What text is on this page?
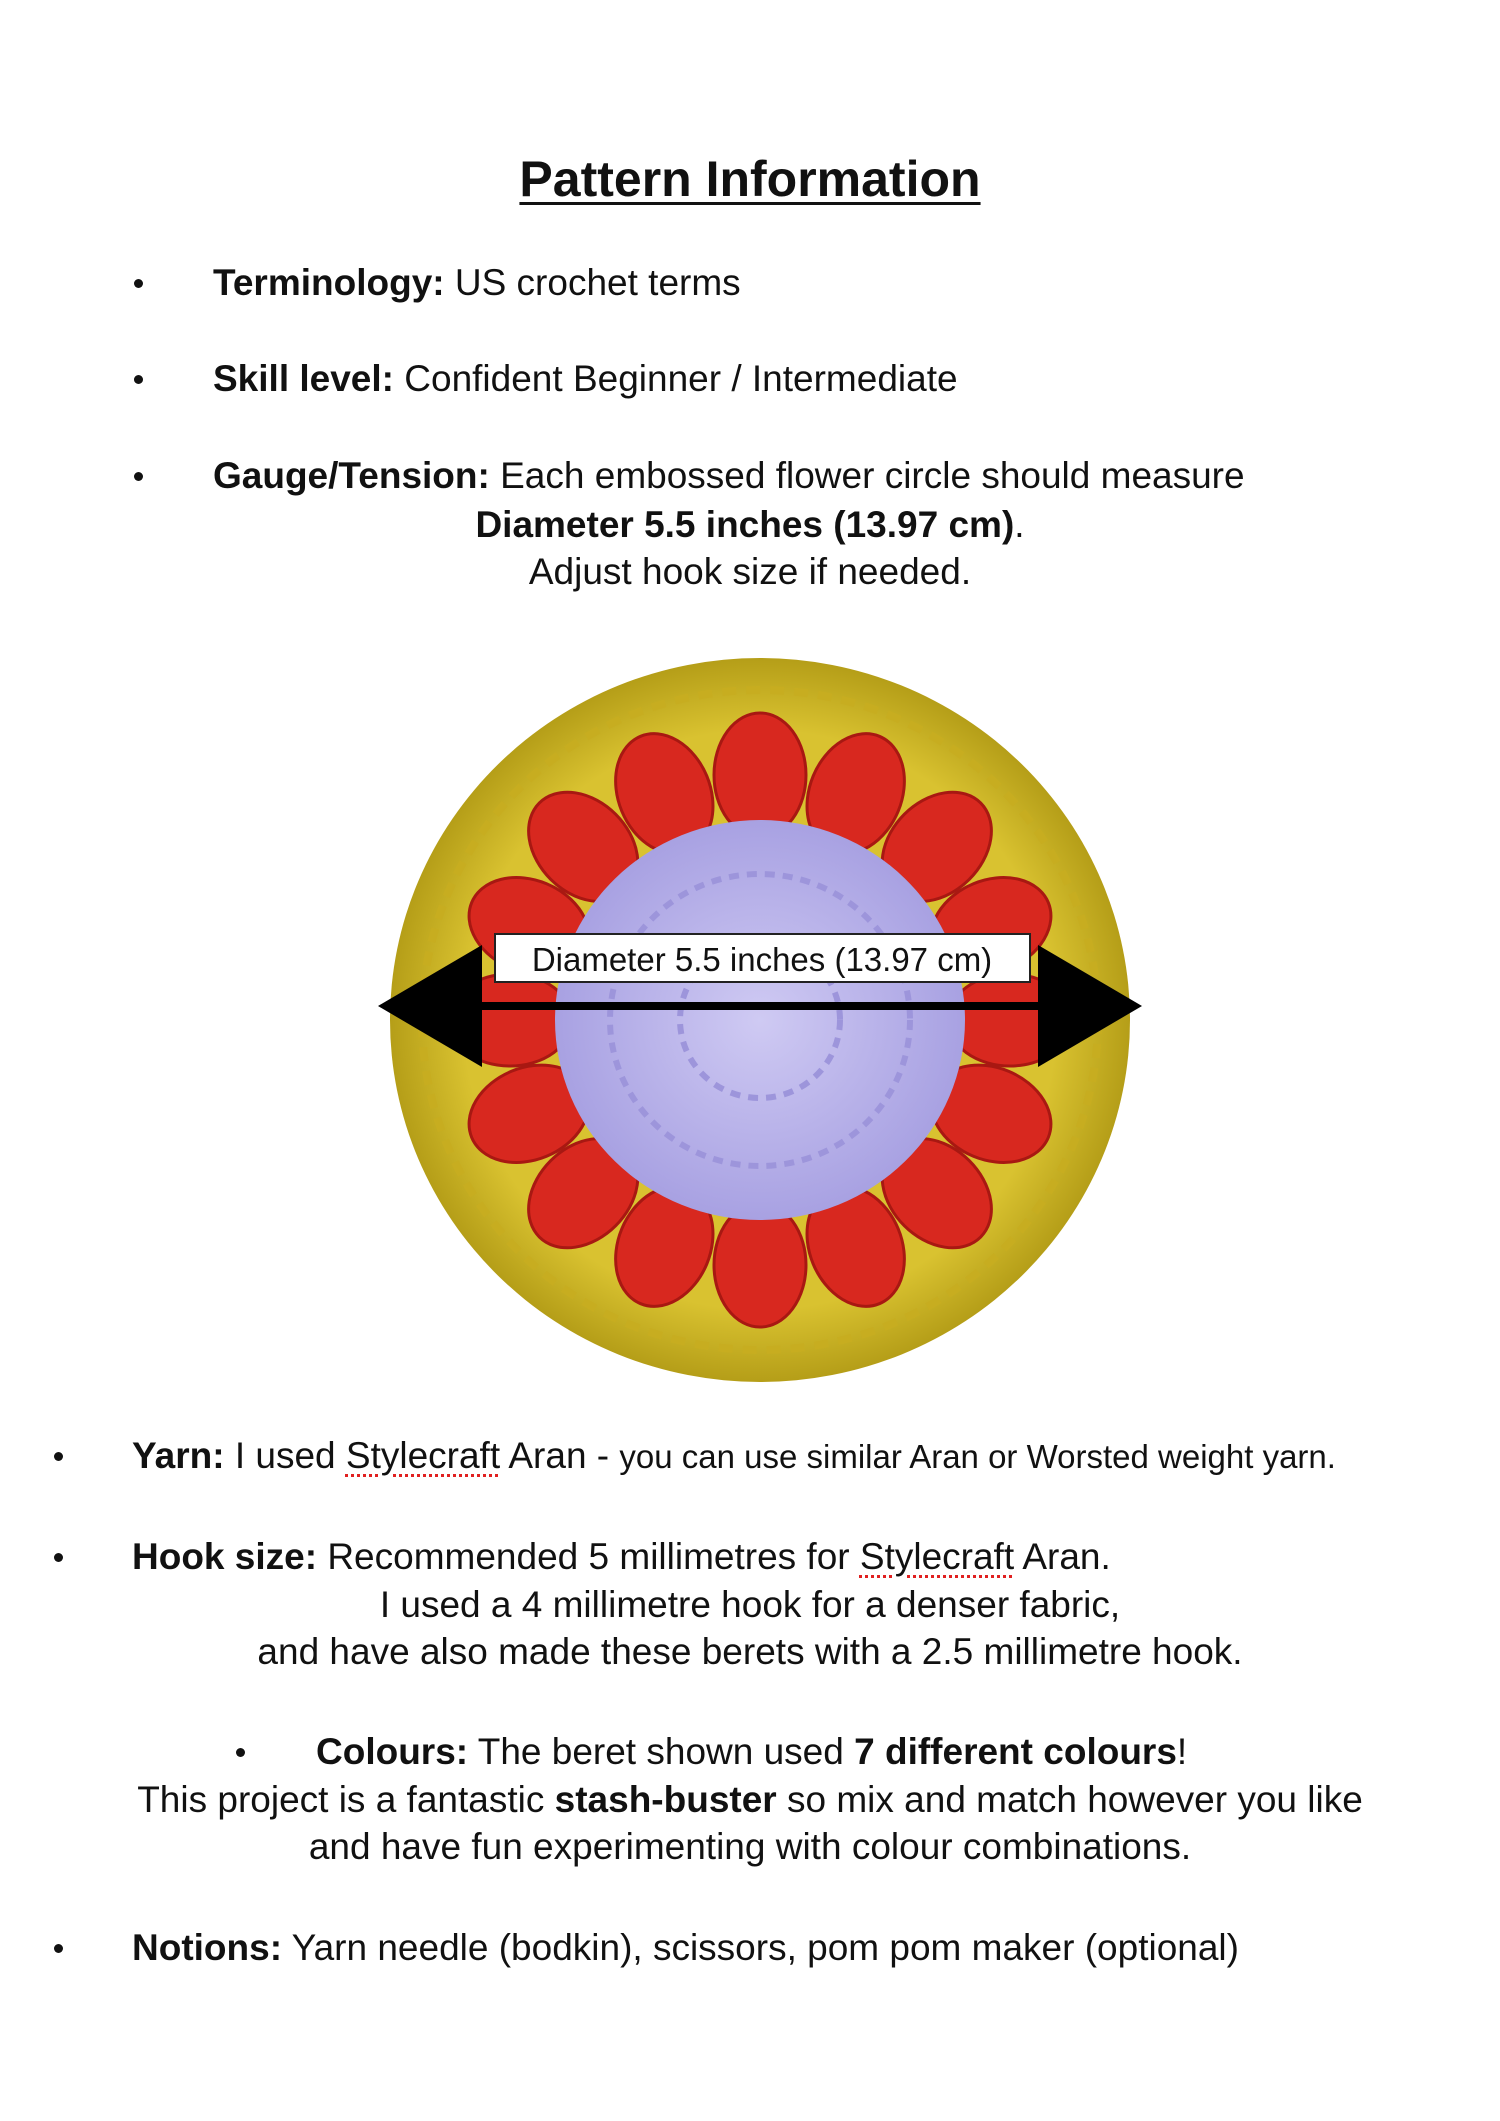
Pattern Information
Terminology: US crochet terms
Skill level: Confident Beginner / Intermediate
Gauge/Tension: Each embossed flower circle should measure
Diameter 5.5 inches (13.97 cm).
Adjust hook size if needed.
Diameter 5.5 inches (13.97 cm)
Yarn: I used Stylecraft Aran - you can use similar Aran or Worsted weight yarn.
Hook size: Recommended 5 millimetres for Stylecraft Aran.
I used a 4 millimetre hook for a denser fabric,
and have also made these berets with a 2.5 millimetre hook.
Colours: The beret shown used 7 different colours!
This project is a fantastic stash-buster so mix and match however you like
and have fun experimenting with colour combinations.
Notions: Yarn needle (bodkin), scissors, pom pom maker (optional)
